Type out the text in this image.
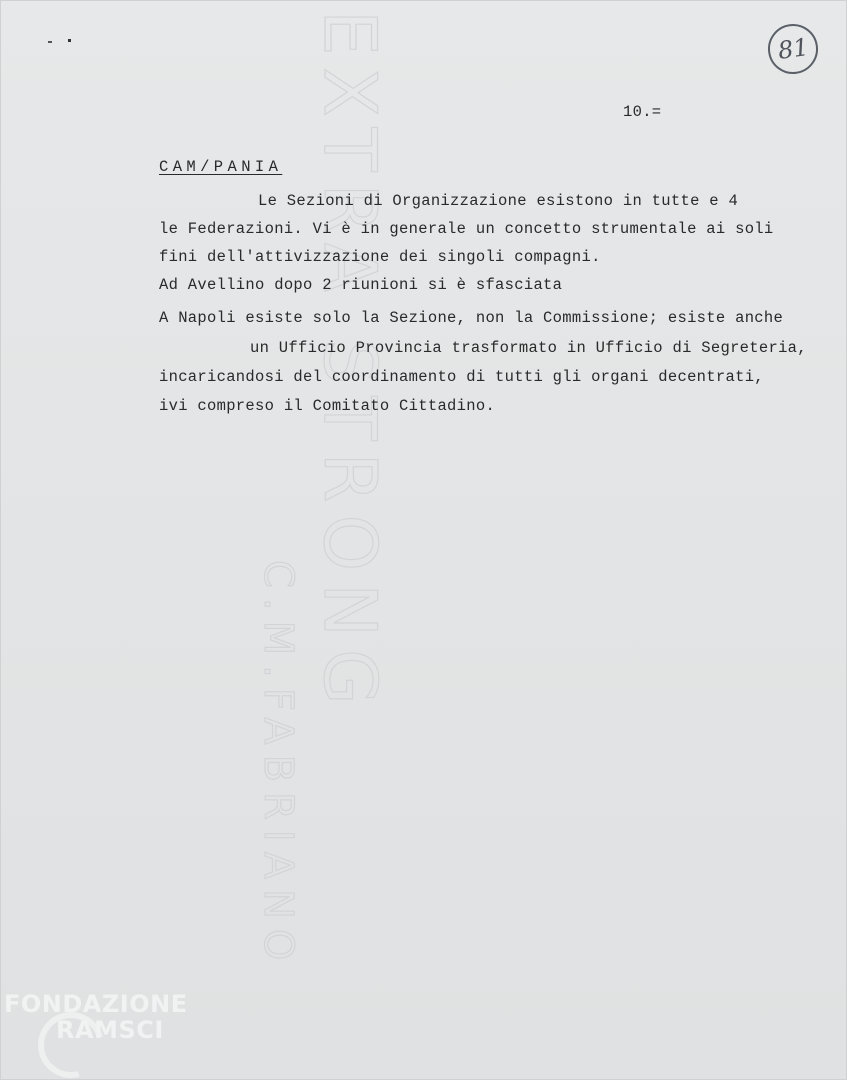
EXTRA STRONG
C.M.FABRIANO
81
10.=
CAM/PANIA
Le Sezioni di Organizzazione esistono in tutte e 4
le Federazioni. Vi è in generale un concetto strumentale ai soli
fini dell'attivizzazione dei singoli compagni.
Ad Avellino dopo 2 riunioni si è sfasciata
A Napoli esiste solo la Sezione, non la Commissione; esiste anche
un Ufficio Provincia trasformato in Ufficio di Segreteria,
incaricandosi del coordinamento di tutti gli organi decentrati,
ivi compreso il Comitato Cittadino.
FONDAZIONE
RAMSCI
